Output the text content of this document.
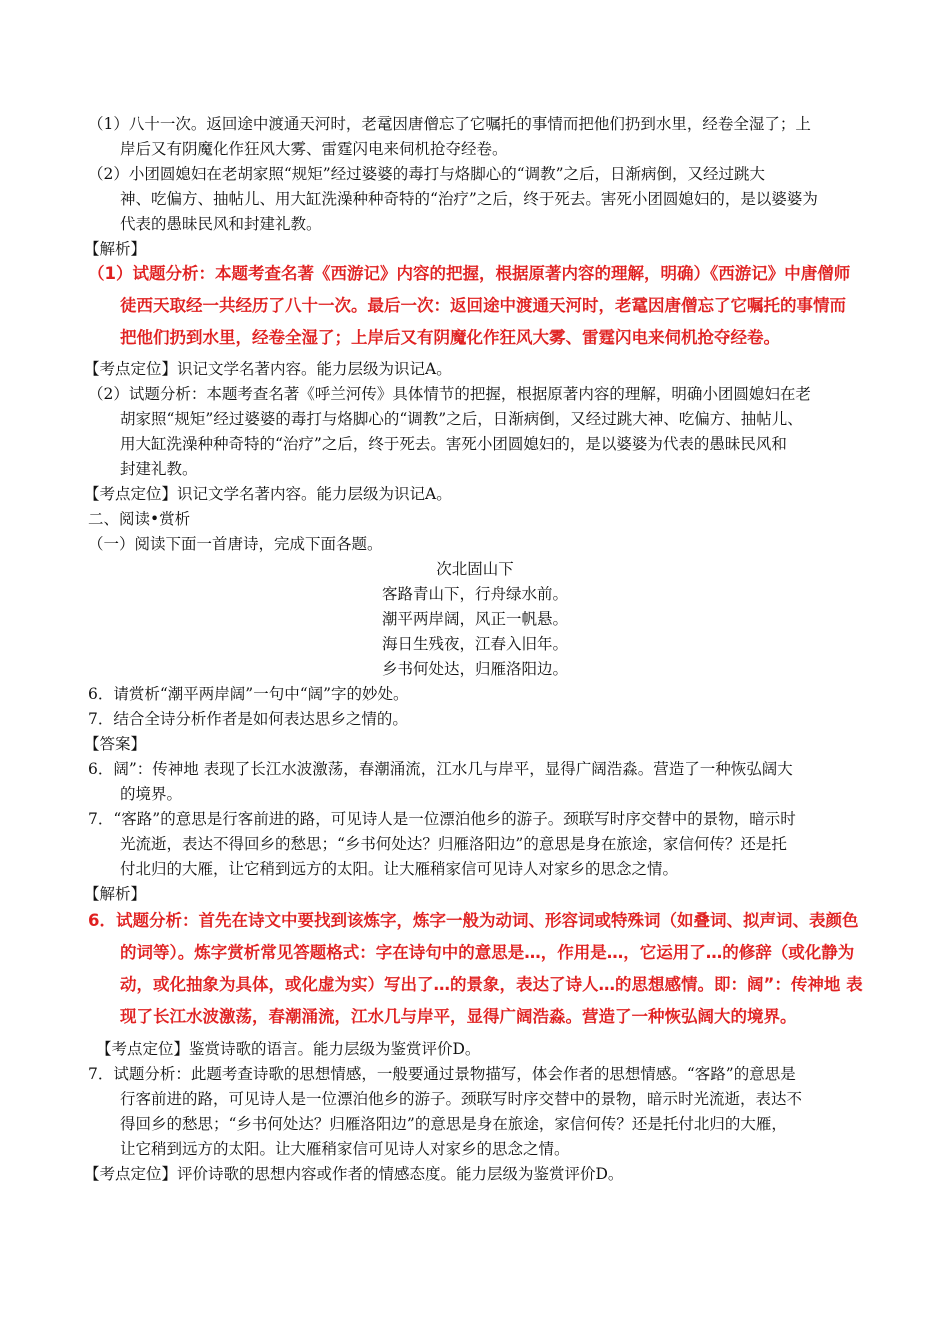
（1）八十一次。返回途中渡通天河时，老鼋因唐僧忘了它嘱托的事情而把他们扔到水里，经卷全湿了；上
岸后又有阴魔化作狂风大雾、雷霆闪电来伺机抢夺经卷。
（2）小团圆媳妇在老胡家照“规矩”经过婆婆的毒打与烙脚心的“调教”之后，日渐病倒，又经过跳大
神、吃偏方、抽帖儿、用大缸洗澡种种奇特的“治疗”之后，终于死去。害死小团圆媳妇的，是以婆婆为
代表的愚昧民风和封建礼教。
【解析】
（1）试题分析：本题考查名著《西游记》内容的把握，根据原著内容的理解，明确）《西游记》中唐僧师
徒西天取经一共经历了八十一次。最后一次：返回途中渡通天河时，老鼋因唐僧忘了它嘱托的事情而
把他们扔到水里，经卷全湿了；上岸后又有阴魔化作狂风大雾、雷霆闪电来伺机抢夺经卷。
【考点定位】识记文学名著内容。能力层级为识记A。
（2）试题分析：本题考查名著《呼兰河传》具体情节的把握，根据原著内容的理解，明确小团圆媳妇在老
胡家照“规矩”经过婆婆的毒打与烙脚心的“调教”之后，日渐病倒，又经过跳大神、吃偏方、抽帖儿、
用大缸洗澡种种奇特的“治疗”之后，终于死去。害死小团圆媳妇的，是以婆婆为代表的愚昧民风和
封建礼教。
【考点定位】识记文学名著内容。能力层级为识记A。
二、阅读•赏析
（一）阅读下面一首唐诗，完成下面各题。
次北固山下
客路青山下，行舟绿水前。
潮平两岸阔，风正一帆悬。
海日生残夜，江春入旧年。
乡书何处达，归雁洛阳边。
6．请赏析“潮平两岸阔”一句中“阔”字的妙处。
7．结合全诗分析作者是如何表达思乡之情的。
【答案】
6．阔”：传神地 表现了长江水波激荡，春潮涌流，江水几与岸平，显得广阔浩淼。营造了一种恢弘阔大
的境界。
7．“客路”的意思是行客前进的路，可见诗人是一位漂泊他乡的游子。颈联写时序交替中的景物，暗示时
光流逝，表达不得回乡的愁思；“乡书何处达？归雁洛阳边”的意思是身在旅途，家信何传？还是托
付北归的大雁，让它稍到远方的太阳。让大雁稍家信可见诗人对家乡的思念之情。
【解析】
6．试题分析：首先在诗文中要找到该炼字，炼字一般为动词、形容词或特殊词（如叠词、拟声词、表颜色
的词等）。炼字赏析常见答题格式：字在诗句中的意思是…，作用是…，它运用了…的修辞（或化静为
动，或化抽象为具体，或化虚为实）写出了…的景象，表达了诗人…的思想感情。即：阔”：传神地 表
现了长江水波激荡，春潮涌流，江水几与岸平，显得广阔浩淼。营造了一种恢弘阔大的境界。
【考点定位】鉴赏诗歌的语言。能力层级为鉴赏评价D。
7．试题分析：此题考查诗歌的思想情感，一般要通过景物描写，体会作者的思想情感。“客路”的意思是
行客前进的路，可见诗人是一位漂泊他乡的游子。颈联写时序交替中的景物，暗示时光流逝，表达不
得回乡的愁思；“乡书何处达？归雁洛阳边”的意思是身在旅途，家信何传？还是托付北归的大雁，
让它稍到远方的太阳。让大雁稍家信可见诗人对家乡的思念之情。
【考点定位】评价诗歌的思想内容或作者的情感态度。能力层级为鉴赏评价D。
